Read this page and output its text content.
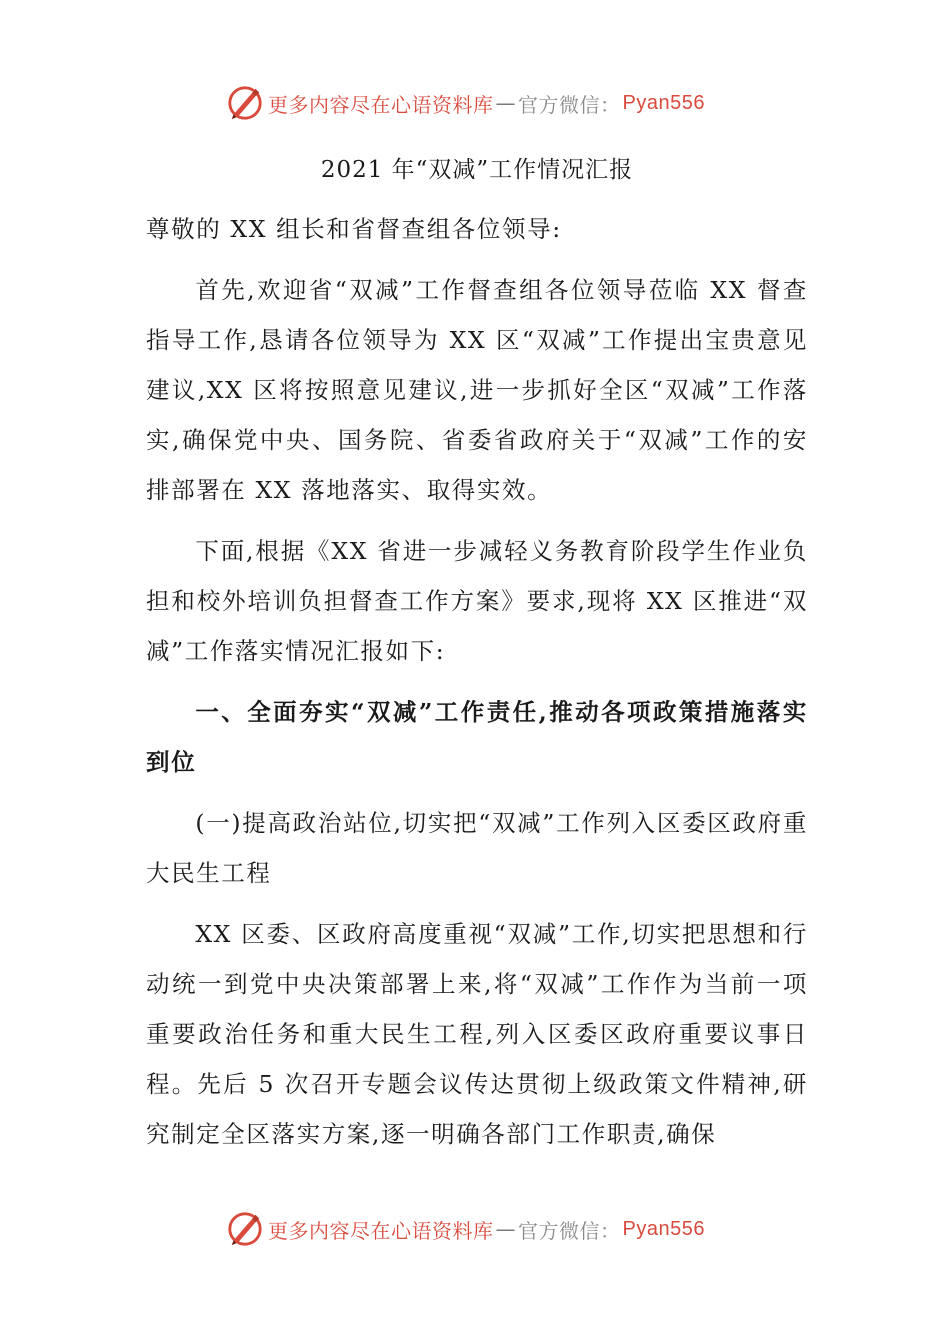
更多内容尽在心语资料库 — 官方微信： Pyan556
2021 年“双减”工作情况汇报

尊敬的 XX 组长和省督查组各位领导:

首先,欢迎省“双减”工作督查组各位领导莅临 XX 督查指导工作,恳请各位领导为 XX 区“双减”工作提出宝贵意见建议,XX 区将按照意见建议,进一步抓好全区“双减”工作落实,确保党中央、国务院、省委省政府关于“双减”工作的安排部署在 XX 落地落实、取得实效。

下面,根据《XX 省进一步减轻义务教育阶段学生作业负担和校外培训负担督查工作方案》要求,现将 XX 区推进“双减”工作落实情况汇报如下:

一、全面夯实“双减”工作责任,推动各项政策措施落实到位

(一)提高政治站位,切实把“双减”工作列入区委区政府重大民生工程

XX 区委、区政府高度重视“双减”工作,切实把思想和行动统一到党中央决策部署上来,将“双减”工作作为当前一项重要政治任务和重大民生工程,列入区委区政府重要议事日程。先后 5 次召开专题会议传达贯彻上级政策文件精神,研究制定全区落实方案,逐一明确各部门工作职责,确保

更多内容尽在心语资料库 — 官方微信： Pyan556
